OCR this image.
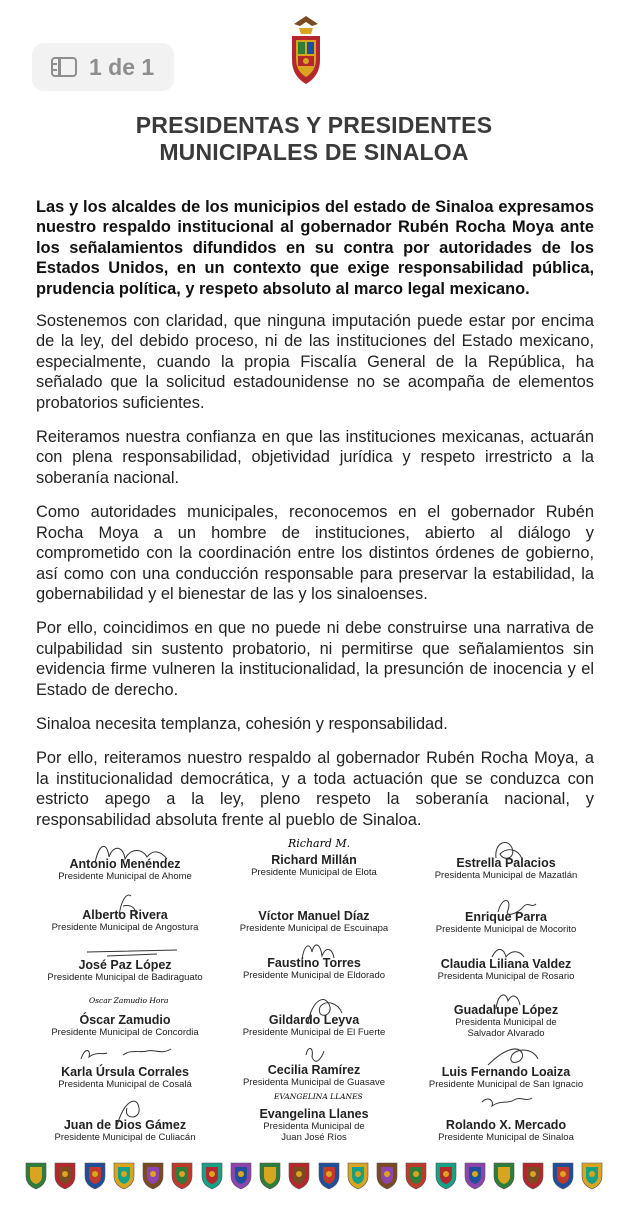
1 de 1
PRESIDENTAS Y PRESIDENTES
MUNICIPALES DE SINALOA

Las y los alcaldes de los municipios del estado de Sinaloa expresamos nuestro respaldo institucional al gobernador Rubén Rocha Moya ante los señalamientos difundidos en su contra por autoridades de los Estados Unidos, en un contexto que exige responsabilidad pública, prudencia política, y respeto absoluto al marco legal mexicano.

Sostenemos con claridad, que ninguna imputación puede estar por encima de la ley, del debido proceso, ni de las instituciones del Estado mexicano, especialmente, cuando la propia Fiscalía General de la República, ha señalado que la solicitud estadounidense no se acompaña de elementos probatorios suficientes.

Reiteramos nuestra confianza en que las instituciones mexicanas, actuarán con plena responsabilidad, objetividad jurídica y respeto irrestricto a la soberanía nacional.

Como autoridades municipales, reconocemos en el gobernador Rubén Rocha Moya a un hombre de instituciones, abierto al diálogo y comprometido con la coordinación entre los distintos órdenes de gobierno, así como con una conducción responsable para preservar la estabilidad, la gobernabilidad y el bienestar de las y los sinaloenses.

Por ello, coincidimos en que no puede ni debe construirse una narrativa de culpabilidad sin sustento probatorio, ni permitirse que señalamientos sin evidencia firme vulneren la institucionalidad, la presunción de inocencia y el Estado de derecho.

Sinaloa necesita templanza, cohesión y responsabilidad.

Por ello, reiteramos nuestro respaldo al gobernador Rubén Rocha Moya, a la institucionalidad democrática, y a toda actuación que se conduzca con estricto apego a la ley, pleno respeto la soberanía nacional, y responsabilidad absoluta frente al pueblo de Sinaloa.

Antonio Menéndez
Presidente Municipal de Ahome
Richard M.
Richard Millán
Presidente Municipal de Elota
Estrella Palacios
Presidenta Municipal de Mazatlán
Alberto Rivera
Presidente Municipal de Angostura
Víctor Manuel Díaz
Presidente Municipal de Escuinapa
Enrique Parra
Presidente Municipal de Mocorito
José Paz López
Presidente Municipal de Badiraguato
Faustino Torres
Presidente Municipal de Eldorado
Claudia Liliana Valdez
Presidenta Municipal de Rosario
Oscar Zamudio Hora
Óscar Zamudio
Presidente Municipal de Concordia
Gildardo Leyva
Presidente Municipal de El Fuerte
Guadalupe López
Presidenta Municipal de
Salvador Alvarado
Karla Úrsula Corrales
Presidenta Municipal de Cosalá
Cecilia Ramírez
Presidenta Municipal de Guasave
Luis Fernando Loaiza
Presidente Municipal de San Ignacio
Juan de Dios Gámez
Presidente Municipal de Culiacán
EVANGELINA LLANES
Evangelina Llanes
Presidenta Municipal de
Juan José Ríos
Rolando X. Mercado
Presidente Municipal de Sinaloa
